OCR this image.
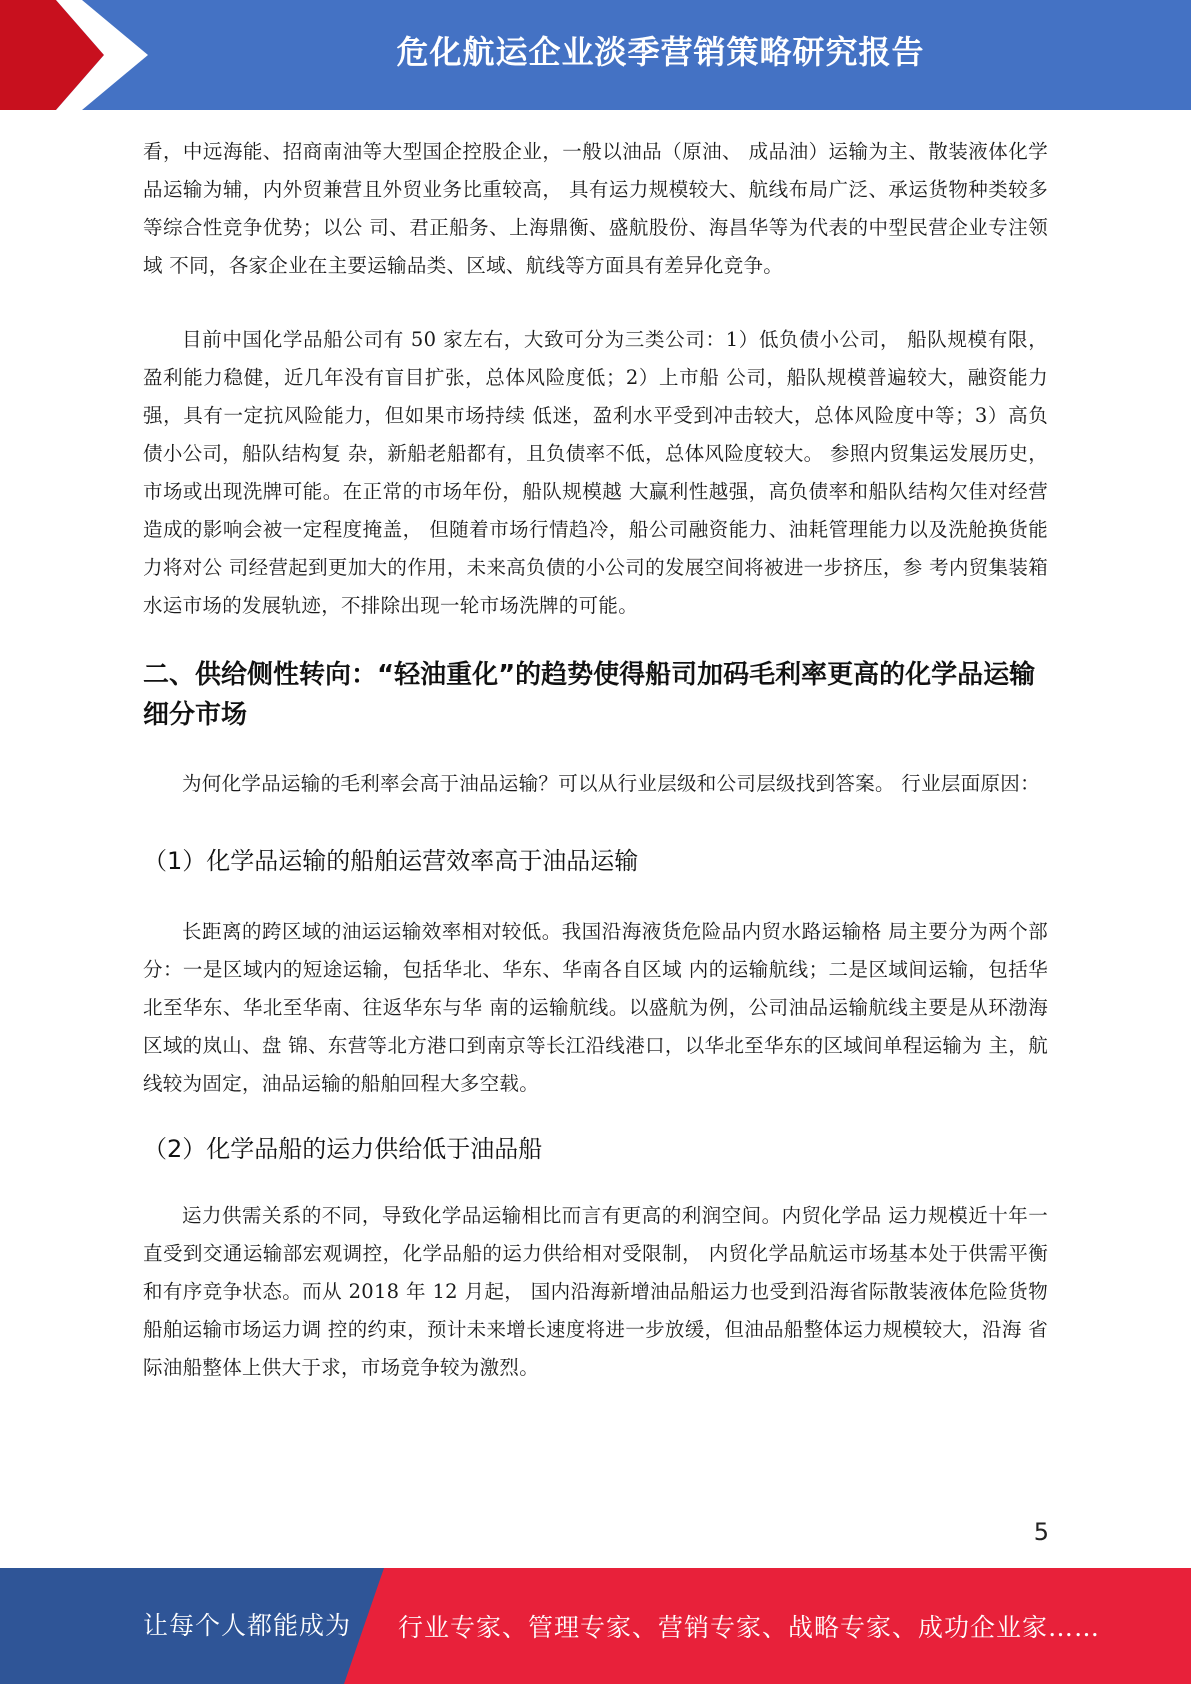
危化航运企业淡季营销策略研究报告

看，中远海能、招商南油等大型国企控股企业，一般以油品（原油、 成品油）运输为主、散装液体化学品运输为辅，内外贸兼营且外贸业务比重较高， 具有运力规模较大、航线布局广泛、承运货物种类较多等综合性竞争优势；以公 司、君正船务、上海鼎衡、盛航股份、海昌华等为代表的中型民营企业专注领域 不同，各家企业在主要运输品类、区域、航线等方面具有差异化竞争。

目前中国化学品船公司有 50 家左右，大致可分为三类公司：1）低负债小公司， 船队规模有限，盈利能力稳健，近几年没有盲目扩张，总体风险度低；2）上市船 公司，船队规模普遍较大，融资能力强，具有一定抗风险能力，但如果市场持续 低迷，盈利水平受到冲击较大，总体风险度中等；3）高负债小公司，船队结构复 杂，新船老船都有，且负债率不低，总体风险度较大。 参照内贸集运发展历史，市场或出现洗牌可能。在正常的市场年份，船队规模越 大赢利性越强，高负债率和船队结构欠佳对经营造成的影响会被一定程度掩盖， 但随着市场行情趋冷，船公司融资能力、油耗管理能力以及洗舱换货能力将对公 司经营起到更加大的作用，未来高负债的小公司的发展空间将被进一步挤压，参 考内贸集装箱水运市场的发展轨迹，不排除出现一轮市场洗牌的可能。

二、供给侧性转向：“轻油重化”的趋势使得船司加码毛利率更高的化学品运输 细分市场

为何化学品运输的毛利率会高于油品运输？可以从行业层级和公司层级找到答案。 行业层面原因：

（1）化学品运输的船舶运营效率高于油品运输

长距离的跨区域的油运运输效率相对较低。我国沿海液货危险品内贸水路运输格 局主要分为两个部分：一是区域内的短途运输，包括华北、华东、华南各自区域 内的运输航线；二是区域间运输，包括华北至华东、华北至华南、往返华东与华 南的运输航线。以盛航为例，公司油品运输航线主要是从环渤海区域的岚山、盘 锦、东营等北方港口到南京等长江沿线港口，以华北至华东的区域间单程运输为 主，航线较为固定，油品运输的船舶回程大多空载。

（2）化学品船的运力供给低于油品船

运力供需关系的不同，导致化学品运输相比而言有更高的利润空间。内贸化学品 运力规模近十年一直受到交通运输部宏观调控，化学品船的运力供给相对受限制， 内贸化学品航运市场基本处于供需平衡和有序竞争状态。而从 2018 年 12 月起， 国内沿海新增油品船运力也受到沿海省际散装液体危险货物船舶运输市场运力调 控的约束，预计未来增长速度将进一步放缓，但油品船整体运力规模较大，沿海 省际油船整体上供大于求，市场竞争较为激烈。

5
让每个人都能成为 行业专家、管理专家、营销专家、战略专家、成功企业家……
